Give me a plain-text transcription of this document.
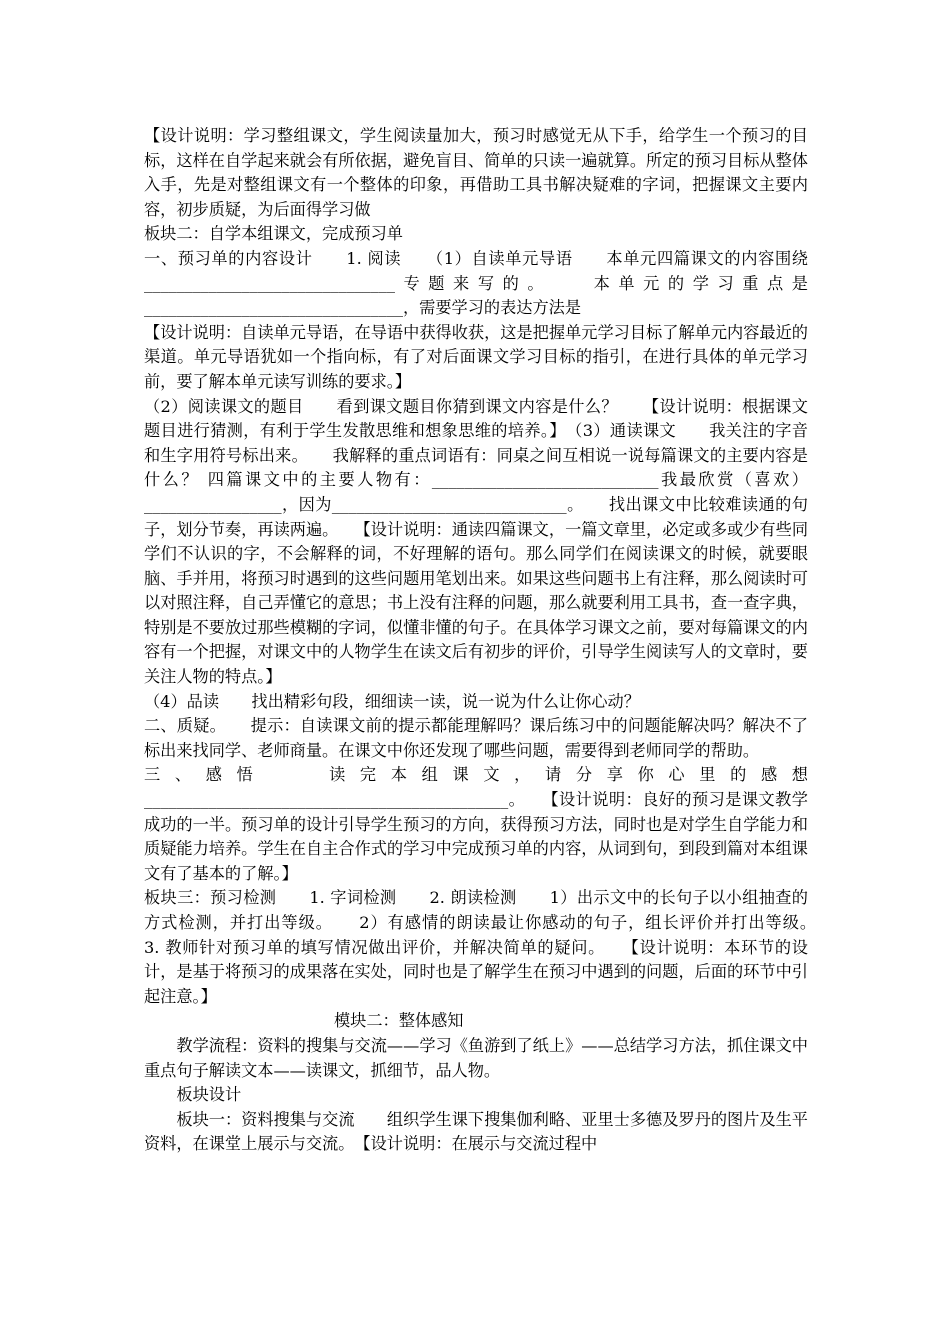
【设计说明：学习整组课文，学生阅读量加大，预习时感觉无从下手，给学生一个预习的目标，这样在自学起来就会有所依据，避免盲目、简单的只读一遍就算。所定的预习目标从整体入手，先是对整组课文有一个整体的印象，再借助工具书解决疑难的字词，把握课文主要内容，初步质疑，为后面得学习做

板块二：自学本组课文，完成预习单

一、预习单的内容设计　　1. 阅读　　（1）自读单元导语　　本单元四篇课文的内容围绕_______________________________专题来写的。　　本单元的学习重点是________________________________，需要学习的表达方法是

【设计说明：自读单元导语，在导语中获得收获，这是把握单元学习目标了解单元内容最近的渠道。单元导语犹如一个指向标，有了对后面课文学习目标的指引，在进行具体的单元学习前，要了解本单元读写训练的要求。】

（2）阅读课文的题目　　看到课文题目你猜到课文内容是什么？　　【设计说明：根据课文题目进行猜测，有利于学生发散思维和想象思维的培养。】　（3）通读课文　　我关注的字音和生字用符号标出来。　　我解释的重点词语有：同桌之间互相说一说每篇课文的主要内容是什么？ 四篇课文中的主要人物有：____________________________我最欣赏（喜欢）_________________，因为_____________________________。　　找出课文中比较难读通的句子，划分节奏，再读两遍。　　【设计说明：通读四篇课文，一篇文章里，必定或多或少有些同学们不认识的字，不会解释的词，不好理解的语句。那么同学们在阅读课文的时候，就要眼脑、手并用，将预习时遇到的这些问题用笔划出来。如果这些问题书上有注释，那么阅读时可以对照注释，自己弄懂它的意思；书上没有注释的问题，那么就要利用工具书，查一查字典，特别是不要放过那些模糊的字词，似懂非懂的句子。在具体学习课文之前，要对每篇课文的内容有一个把握，对课文中的人物学生在读文后有初步的评价，引导学生阅读写人的文章时，要关注人物的特点。】

（4）品读　　找出精彩句段，细细读一读，说一说为什么让你心动？

二、质疑。　　提示：自读课文前的提示都能理解吗？课后练习中的问题能解决吗？解决不了标出来找同学、老师商量。在课文中你还发现了哪些问题，需要得到老师同学的帮助。

三、感悟　　读完本组课文，请分享你心里的感想_____________________________________________。　　【设计说明：良好的预习是课文教学成功的一半。预习单的设计引导学生预习的方向，获得预习方法，同时也是对学生自学能力和质疑能力培养。学生在自主合作式的学习中完成预习单的内容，从词到句，到段到篇对本组课文有了基本的了解。】

板块三：预习检测　　1. 字词检测　　2. 朗读检测　　1）出示文中的长句子以小组抽查的方式检测，并打出等级。　　2）有感情的朗读最让你感动的句子，组长评价并打出等级。　　3. 教师针对预习单的填写情况做出评价，并解决简单的疑问。　　【设计说明：本环节的设计，是基于将预习的成果落在实处，同时也是了解学生在预习中遇到的问题，后面的环节中引起注意。】

模块二：整体感知

教学流程：资料的搜集与交流——学习《鱼游到了纸上》——总结学习方法，抓住课文中重点句子解读文本——读课文，抓细节，品人物。

板块设计

板块一：资料搜集与交流　　组织学生课下搜集伽利略、亚里士多德及罗丹的图片及生平资料，在课堂上展示与交流。　【设计说明：在展示与交流过程中
